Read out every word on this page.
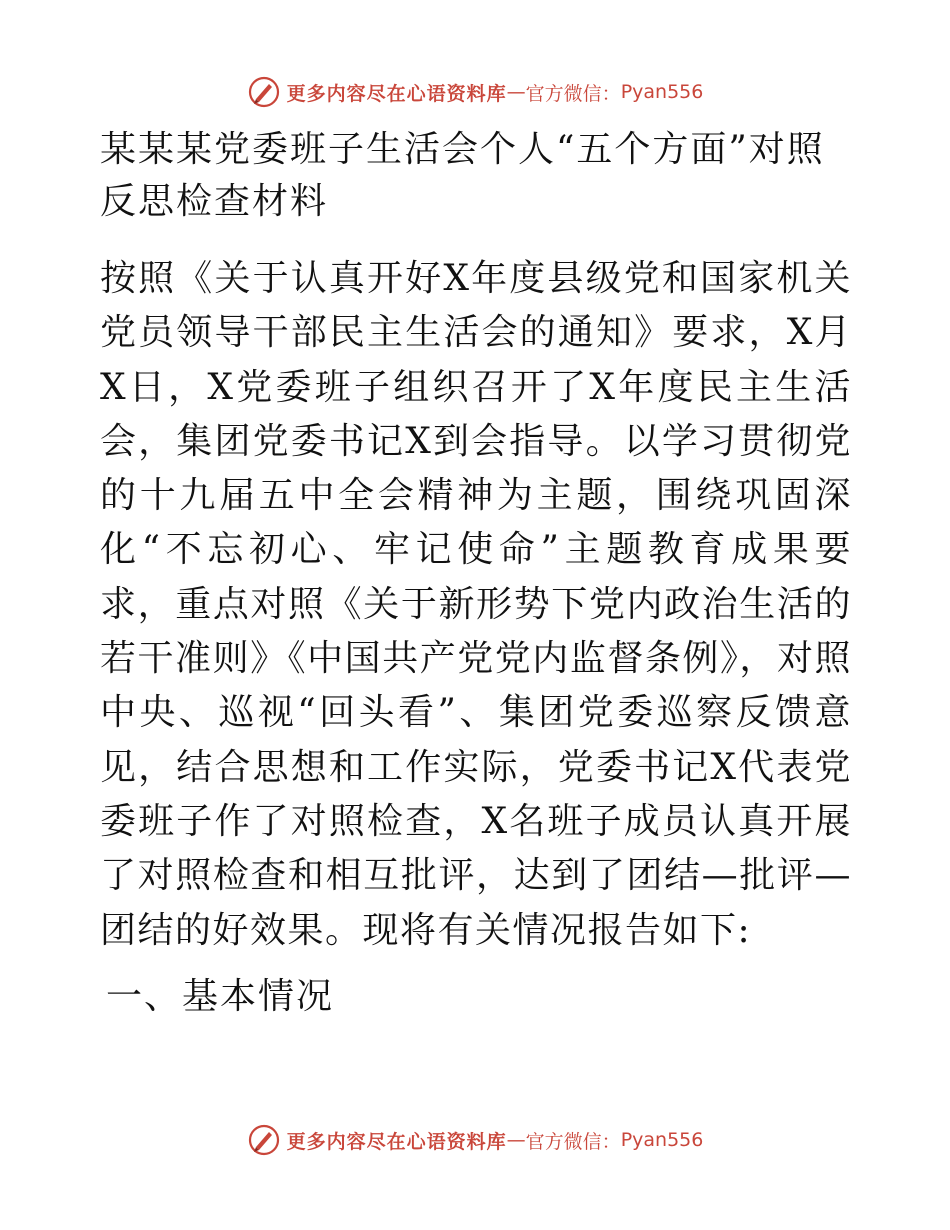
更多内容尽在心语资料库 — 官方微信： Pyan556
某某某党委班子生活会个人“五个方面”对照反思检查材料

按照《关于认真开好X年度县级党和国家机关党员领导干部民主生活会的通知》要求，X月X日，X党委班子组织召开了X年度民主生活会，集团党委书记X到会指导。以学习贯彻党的十九届五中全会精神为主题，围绕巩固深化“不忘初心、牢记使命”主题教育成果要求，重点对照《关于新形势下党内政治生活的若干准则》《中国共产党党内监督条例》，对照中央、巡视“回头看”、集团党委巡察反馈意见，结合思想和工作实际，党委书记X代表党委班子作了对照检查，X名班子成员认真开展了对照检查和相互批评，达到了团结—批评—团结的好效果。现将有关情况报告如下:

一、基本情况
更多内容尽在心语资料库 — 官方微信： Pyan556
